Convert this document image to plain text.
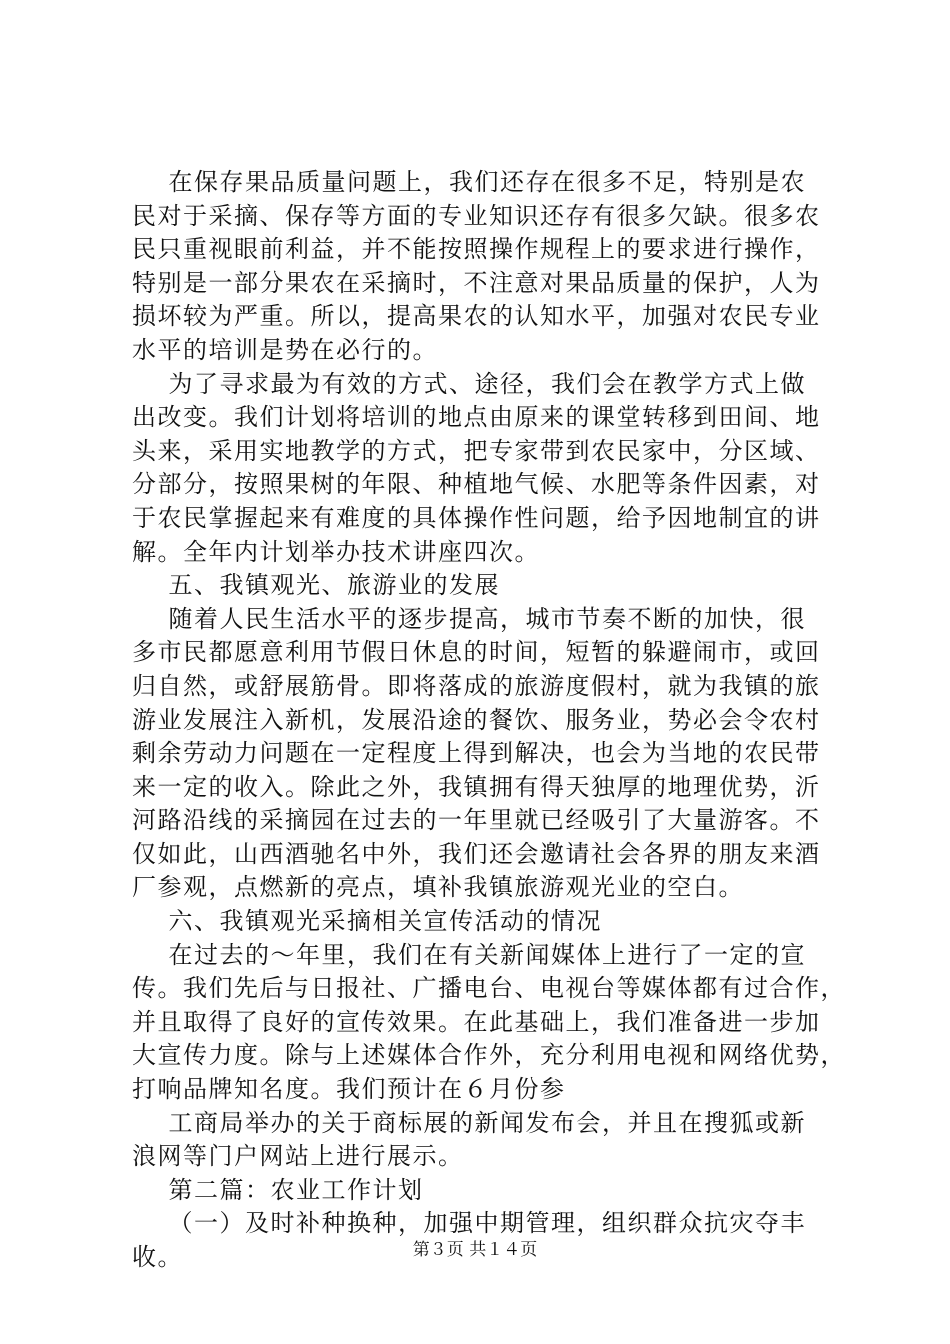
在保存果品质量问题上，我们还存在很多不足，特别是农
民对于采摘、保存等方面的专业知识还存有很多欠缺。很多农
民只重视眼前利益，并不能按照操作规程上的要求进行操作，
特别是一部分果农在采摘时，不注意对果品质量的保护，人为
损坏较为严重。所以，提高果农的认知水平，加强对农民专业
水平的培训是势在必行的。
为了寻求最为有效的方式、途径，我们会在教学方式上做
出改变。我们计划将培训的地点由原来的课堂转移到田间、地
头来，采用实地教学的方式，把专家带到农民家中，分区域、
分部分，按照果树的年限、种植地气候、水肥等条件因素，对
于农民掌握起来有难度的具体操作性问题，给予因地制宜的讲
解。全年内计划举办技术讲座四次。
五、我镇观光、旅游业的发展
随着人民生活水平的逐步提高，城市节奏不断的加快，很
多市民都愿意利用节假日休息的时间，短暂的躲避闹市，或回
归自然，或舒展筋骨。即将落成的旅游度假村，就为我镇的旅
游业发展注入新机，发展沿途的餐饮、服务业，势必会令农村
剩余劳动力问题在一定程度上得到解决，也会为当地的农民带
来一定的收入。除此之外，我镇拥有得天独厚的地理优势，沂
河路沿线的采摘园在过去的一年里就已经吸引了大量游客。不
仅如此，山西酒驰名中外，我们还会邀请社会各界的朋友来酒
厂参观，点燃新的亮点，填补我镇旅游观光业的空白。
六、我镇观光采摘相关宣传活动的情况
在过去的～年里，我们在有关新闻媒体上进行了一定的宣
传。我们先后与日报社、广播电台、电视台等媒体都有过合作，
并且取得了良好的宣传效果。在此基础上，我们准备进一步加
大宣传力度。除与上述媒体合作外，充分利用电视和网络优势，
打响品牌知名度。我们预计在６月份参
工商局举办的关于商标展的新闻发布会，并且在搜狐或新
浪网等门户网站上进行展示。
第二篇：农业工作计划
（一）及时补种换种，加强中期管理，组织群众抗灾夺丰
收。	第３页 共１４页
